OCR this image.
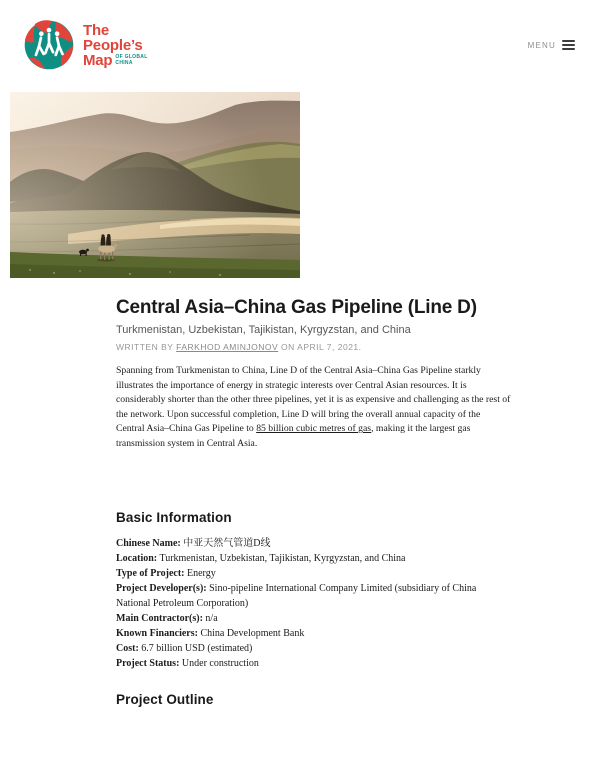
The
People’s
Map OF GLOBAL
CHINA
MENU
Central Asia–China Gas Pipeline (Line D)

Turkmenistan, Uzbekistan, Tajikistan, Kyrgyzstan, and China

WRITTEN BY FARKHOD AMINJONOV ON APRIL 7, 2021.

Spanning from Turkmenistan to China, Line D of the Central Asia–China Gas Pipeline starkly illustrates the importance of energy in strategic interests over Central Asian resources. It is considerably shorter than the other three pipelines, yet it is as expensive and challenging as the rest of the network. Upon successful completion, Line D will bring the overall annual capacity of the Central Asia–China Gas Pipeline to 85 billion cubic metres of gas, making it the largest gas transmission system in Central Asia.

Basic Information

Chinese Name: 中亚天然气管道D线

Location: Turkmenistan, Uzbekistan, Tajikistan, Kyrgyzstan, and China

Type of Project: Energy

Project Developer(s): Sino-pipeline International Company Limited (subsidiary of China National Petroleum Corporation)

Main Contractor(s): n/a

Known Financiers: China Development Bank

Cost: 6.7 billion USD (estimated)

Project Status: Under construction

Project Outline
